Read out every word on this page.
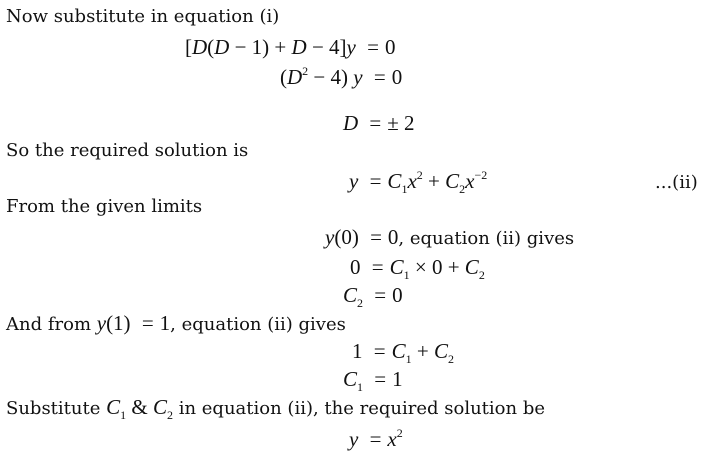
Now substitute in equation (i)
[D(D − 1) + D − 4]y = 0
$(D^2 - 4) y = 0$
D = ± 2
So the required solution is
$y = C_1x^2 + C_2x^{-2}$	...(ii)
From the given limits
y(0) = 0, equation (ii) gives
$0 = C_1 \times 0 + C_2$
$C_2 = 0$
And from y(1) = 1, equation (ii) gives
$1 = C_1 + C_2$
$C_1 = 1$
Substitute $C_1$ & $C_2$ in equation (ii), the required solution be
$y = x^2$
